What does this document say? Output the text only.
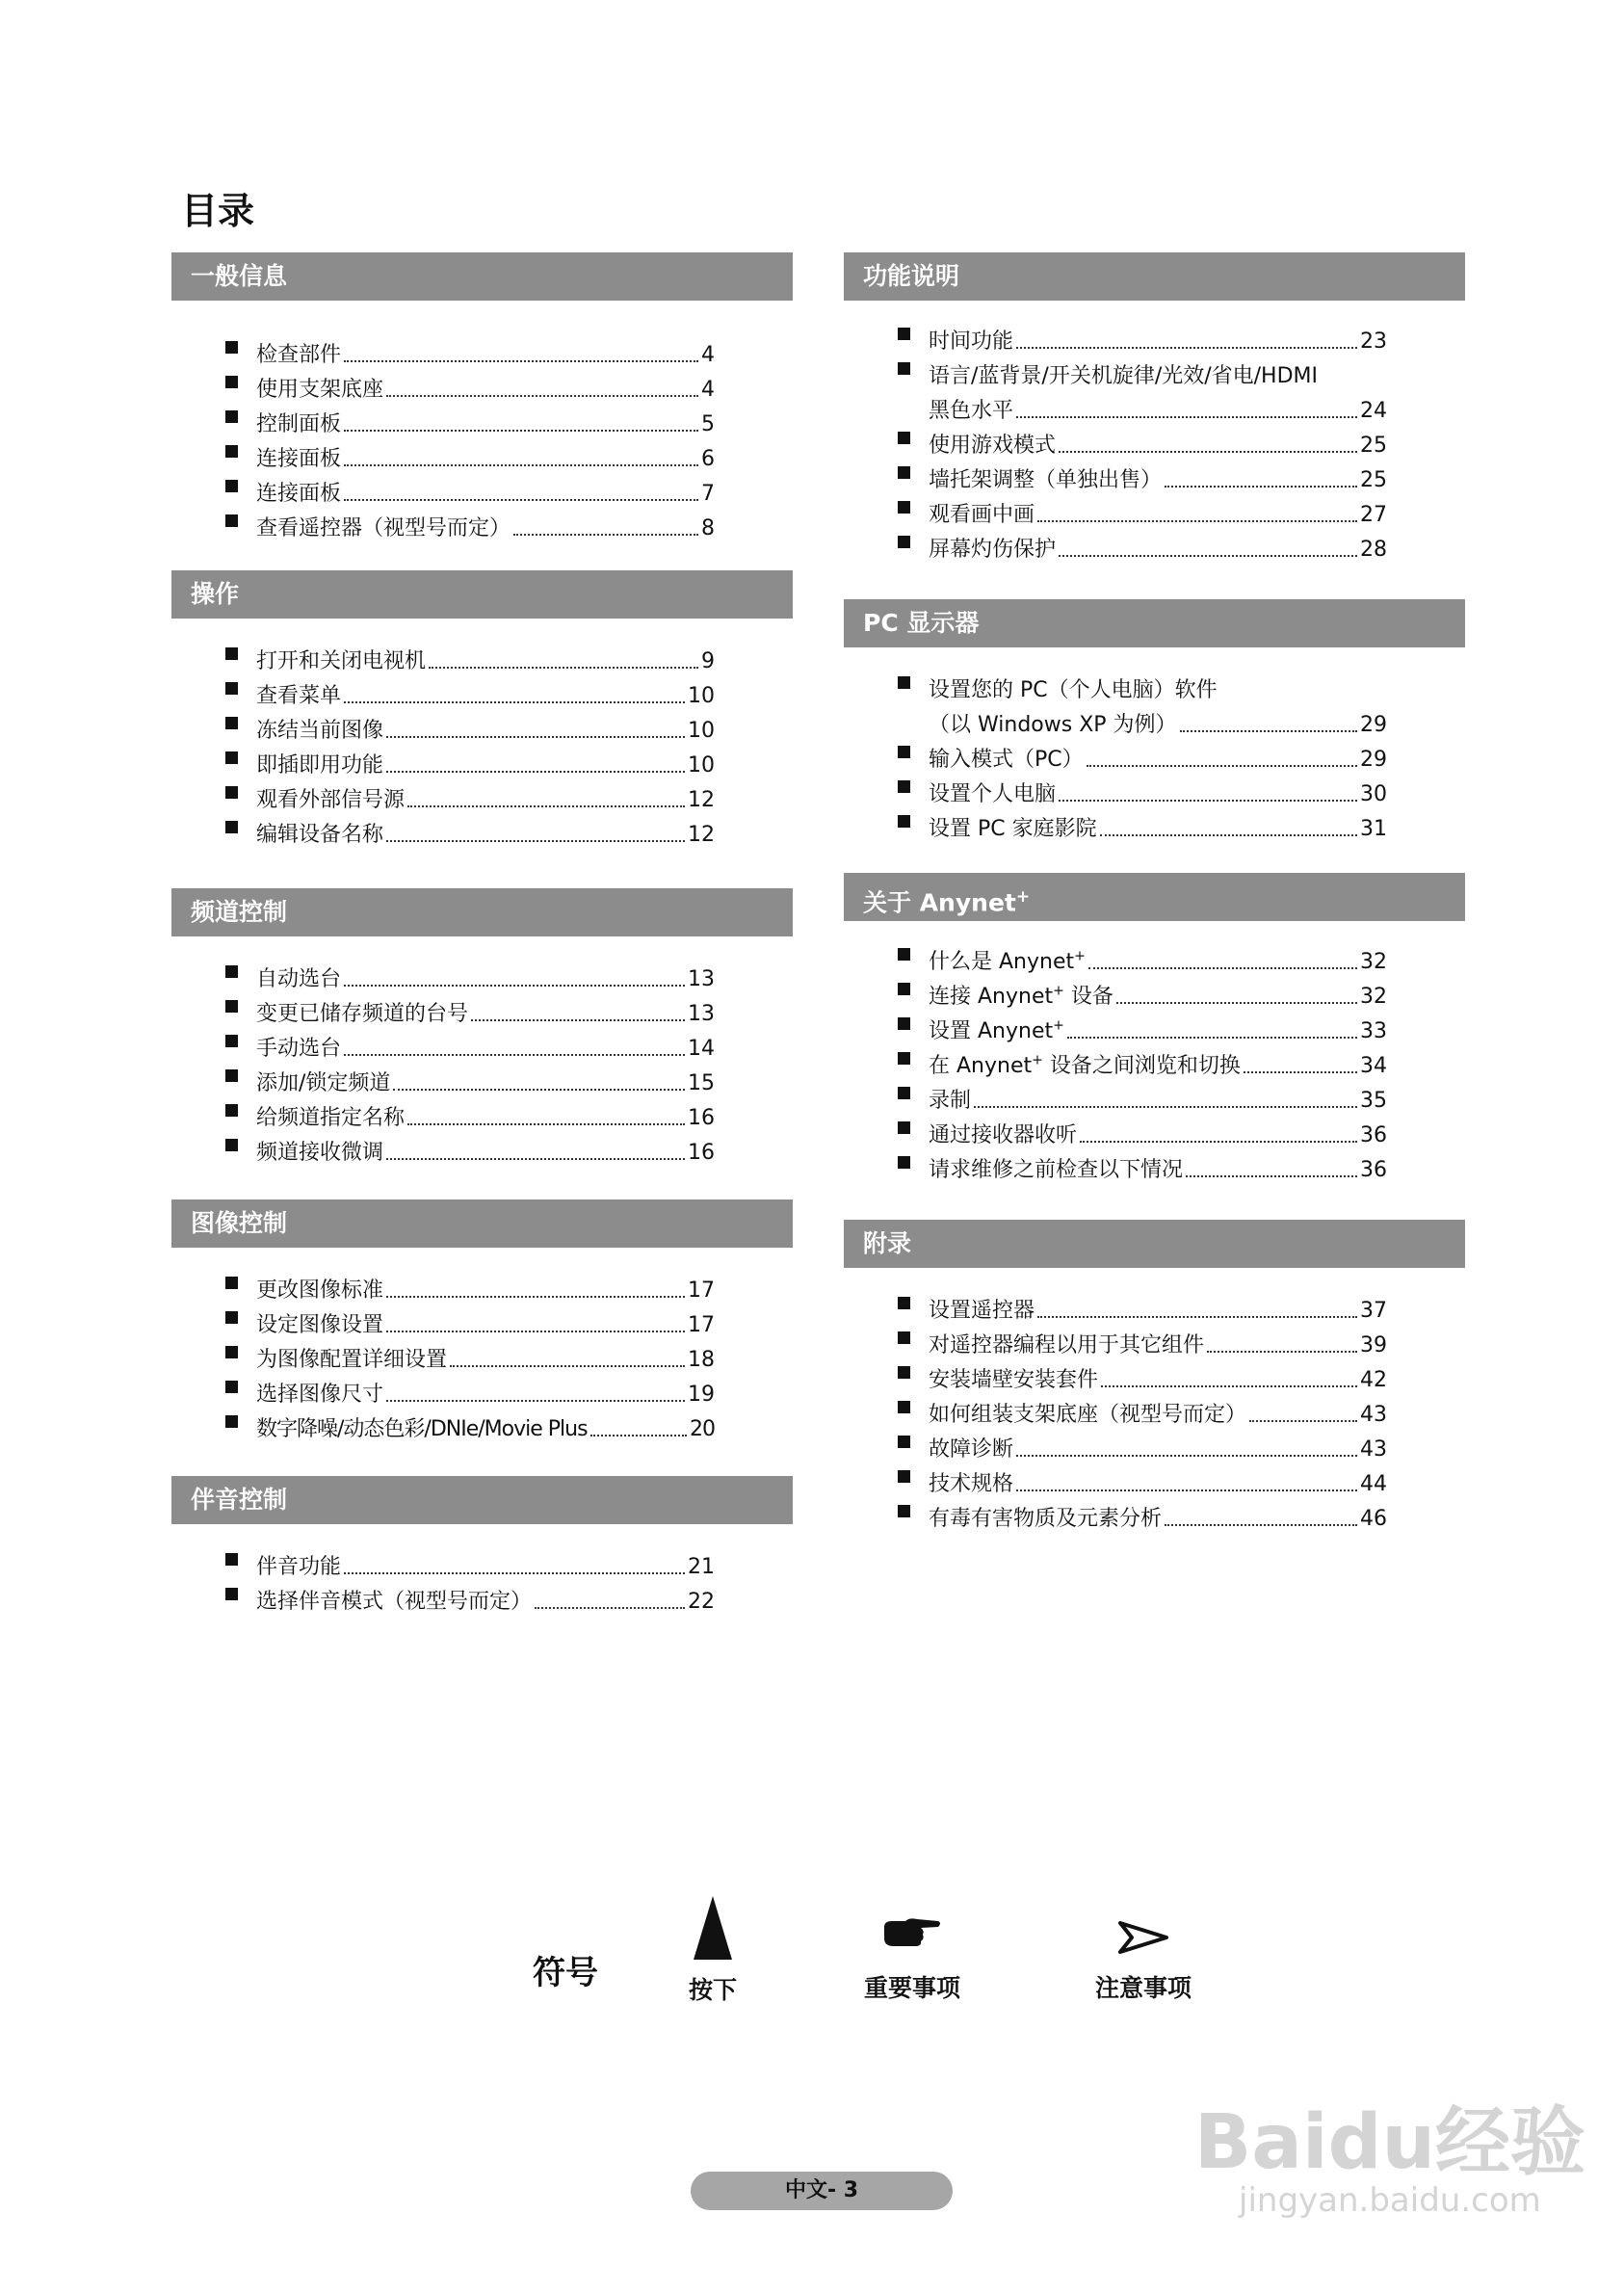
目录
一般信息
检查部件	4
使用支架底座	4
控制面板	5
连接面板	6
连接面板	7
查看遥控器（视型号而定）	8
操作
打开和关闭电视机	9
查看菜单	10
冻结当前图像	10
即插即用功能	10
观看外部信号源	12
编辑设备名称	12
频道控制
自动选台	13
变更已储存频道的台号	13
手动选台	14
添加/锁定频道	15
给频道指定名称	16
频道接收微调	16
图像控制
更改图像标准	17
设定图像设置	17
为图像配置详细设置	18
选择图像尺寸	19
数字降噪/动态色彩/DNIe/Movie Plus	20
伴音控制
伴音功能	21
选择伴音模式（视型号而定）	22
功能说明
时间功能	23
语言/蓝背景/开关机旋律/光效/省电/HDMI
黑色水平	24
使用游戏模式	25
墙托架调整（单独出售）	25
观看画中画	27
屏幕灼伤保护	28
PC 显示器
设置您的 PC（个人电脑）软件
（以 Windows XP 为例）	29
输入模式（PC）	29
设置个人电脑	30
设置 PC 家庭影院	31
关于 Anynet+
什么是 Anynet+	32
连接 Anynet+ 设备	32
设置 Anynet+	33
在 Anynet+ 设备之间浏览和切换	34
录制	35
通过接收器收听	36
请求维修之前检查以下情况	36
附录
设置遥控器	37
对遥控器编程以用于其它组件	39
安装墙壁安装套件	42
如何组装支架底座（视型号而定）	43
故障诊断	43
技术规格	44
有毒有害物质及元素分析	46
符号	按下	重要事项	注意事项
中文- 3
Baidu经验
jingyan.baidu.com
